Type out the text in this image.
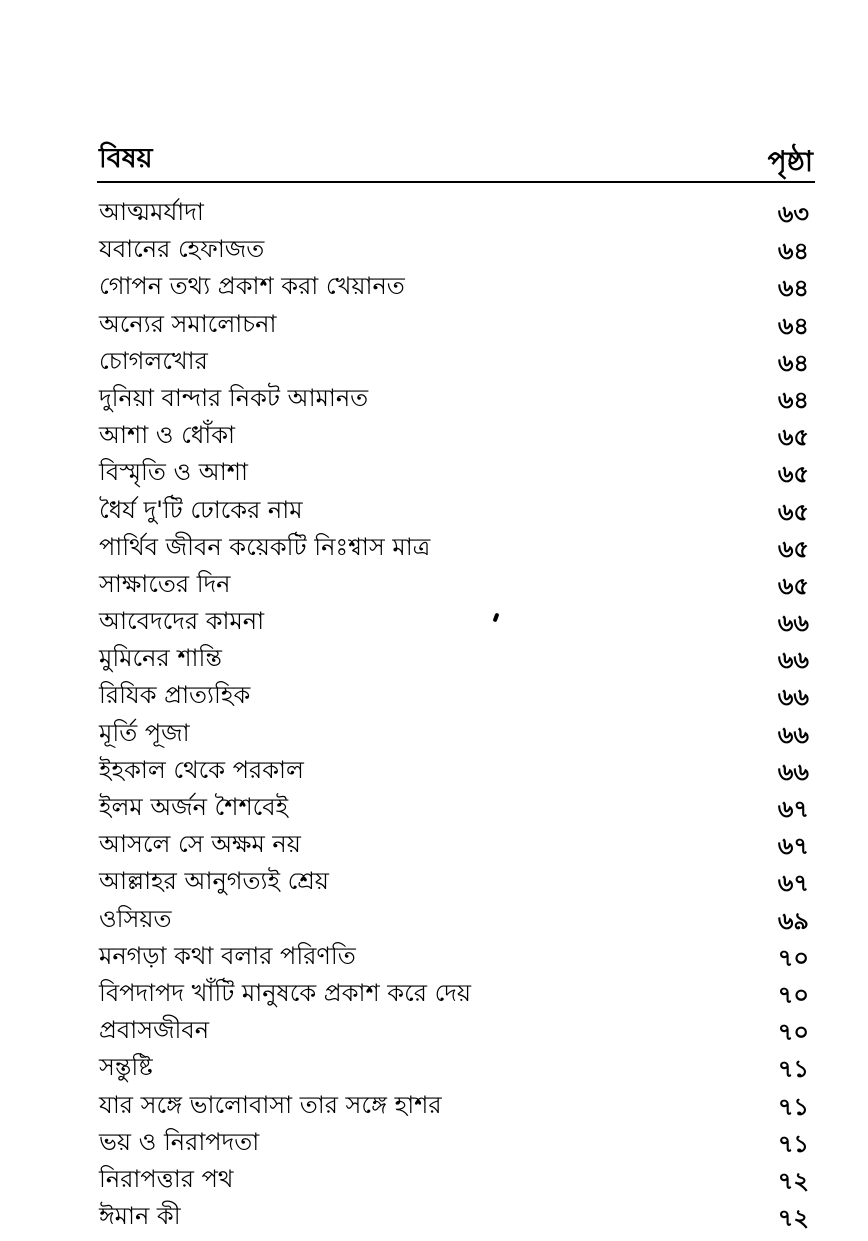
বিষয়	পৃষ্ঠা
আত্মমর্যাদা	৬৩
যবানের হেফাজত	৬৪
গোপন তথ্য প্রকাশ করা খেয়ানত	৬৪
অন্যের সমালোচনা	৬৪
চোগলখোর	৬৪
দুনিয়া বান্দার নিকট আমানত	৬৪
আশা ও ধোঁকা	৬৫
বিস্মৃতি ও আশা	৬৫
ধৈর্য দু'টি ঢোকের নাম	৬৫
পার্থিব জীবন কয়েকটি নিঃশ্বাস মাত্র	৬৫
সাক্ষাতের দিন	৬৫
আবেদদের কামনা	৬৬
মুমিনের শান্তি	৬৬
রিযিক প্রাত্যহিক	৬৬
মূর্তি পূজা	৬৬
ইহকাল থেকে পরকাল	৬৬
ইলম অর্জন শৈশবেই	৬৭
আসলে সে অক্ষম নয়	৬৭
আল্লাহর আনুগত্যই শ্রেয়	৬৭
ওসিয়ত	৬৯
মনগড়া কথা বলার পরিণতি	৭০
বিপদাপদ খাঁটি মানুষকে প্রকাশ করে দেয়	৭০
প্রবাসজীবন	৭০
সন্তুষ্টি	৭১
যার সঙ্গে ভালোবাসা তার সঙ্গে হাশর	৭১
ভয় ও নিরাপদতা	৭১
নিরাপত্তার পথ	৭২
ঈমান কী	৭২
